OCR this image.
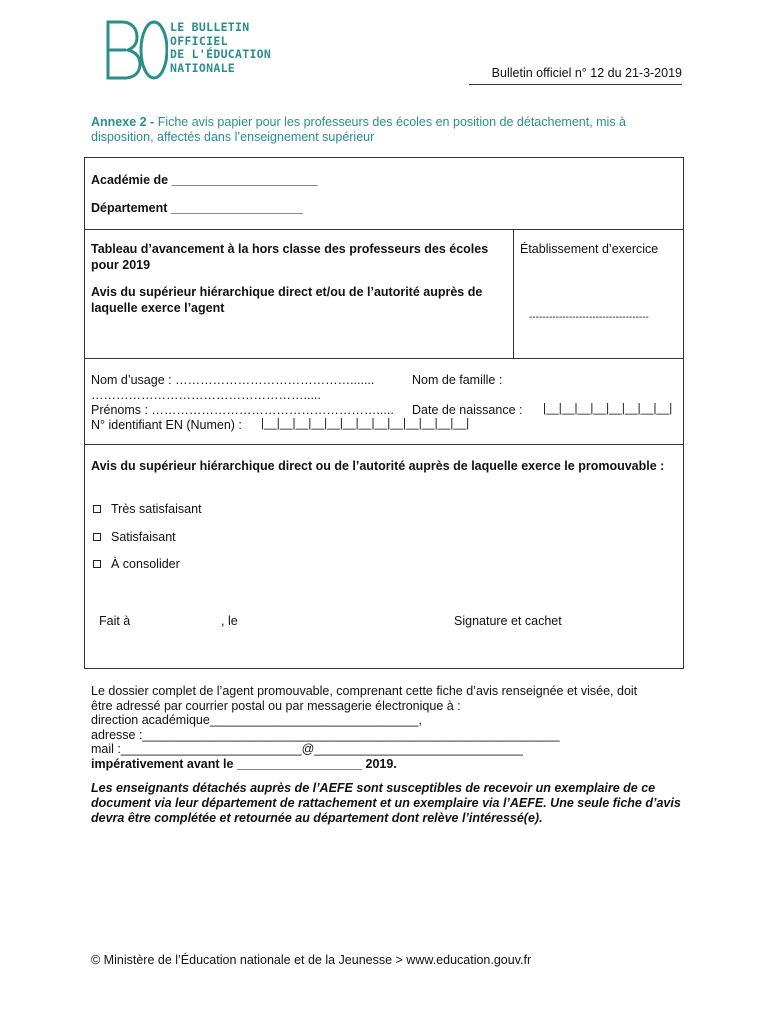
LE BULLETIN
OFFICIEL
DE L'ÉDUCATION
NATIONALE	Bulletin officiel n° 12 du 21-3-2019
Annexe 2 - Fiche avis papier pour les professeurs des écoles en position de détachement, mis à disposition, affectés dans l’enseignement supérieur
Académie de _____________________
Département ___________________
Tableau d’avancement à la hors classe des professeurs des écoles pour 2019
Avis du supérieur hiérarchique direct et/ou de l’autorité auprès de laquelle exerce l’agent
Établissement d’exercice
------------------------------------
Nom d’usage : …………………………………….......	Nom de famille :
…………………………………………….....
Prénoms : ………………………………………………..... Date de naissance : |__|__|__|__|__|__|__|__|
N° identifiant EN (Numen) : |__|__|__|__|__|__|__|__|__|__|__|__|__|
Avis du supérieur hiérarchique direct ou de l’autorité auprès de laquelle exerce le promouvable :
Très satisfaisant
Satisfaisant
À consolider
Fait à	, le	Signature et cachet
Le dossier complet de l’agent promouvable, comprenant cette fiche d’avis renseignée et visée, doit
être adressé par courrier postal ou par messagerie électronique à :
direction académique______________________________,
adresse :____________________________________________________________
mail :__________________________@______________________________
impérativement avant le __________________ 2019.
Les enseignants détachés auprès de l’AEFE sont susceptibles de recevoir un exemplaire de ce document via leur département de rattachement et un exemplaire via l’AEFE. Une seule fiche d’avis devra être complétée et retournée au département dont relève l’intéressé(e).
© Ministère de l’Éducation nationale et de la Jeunesse > www.education.gouv.fr
